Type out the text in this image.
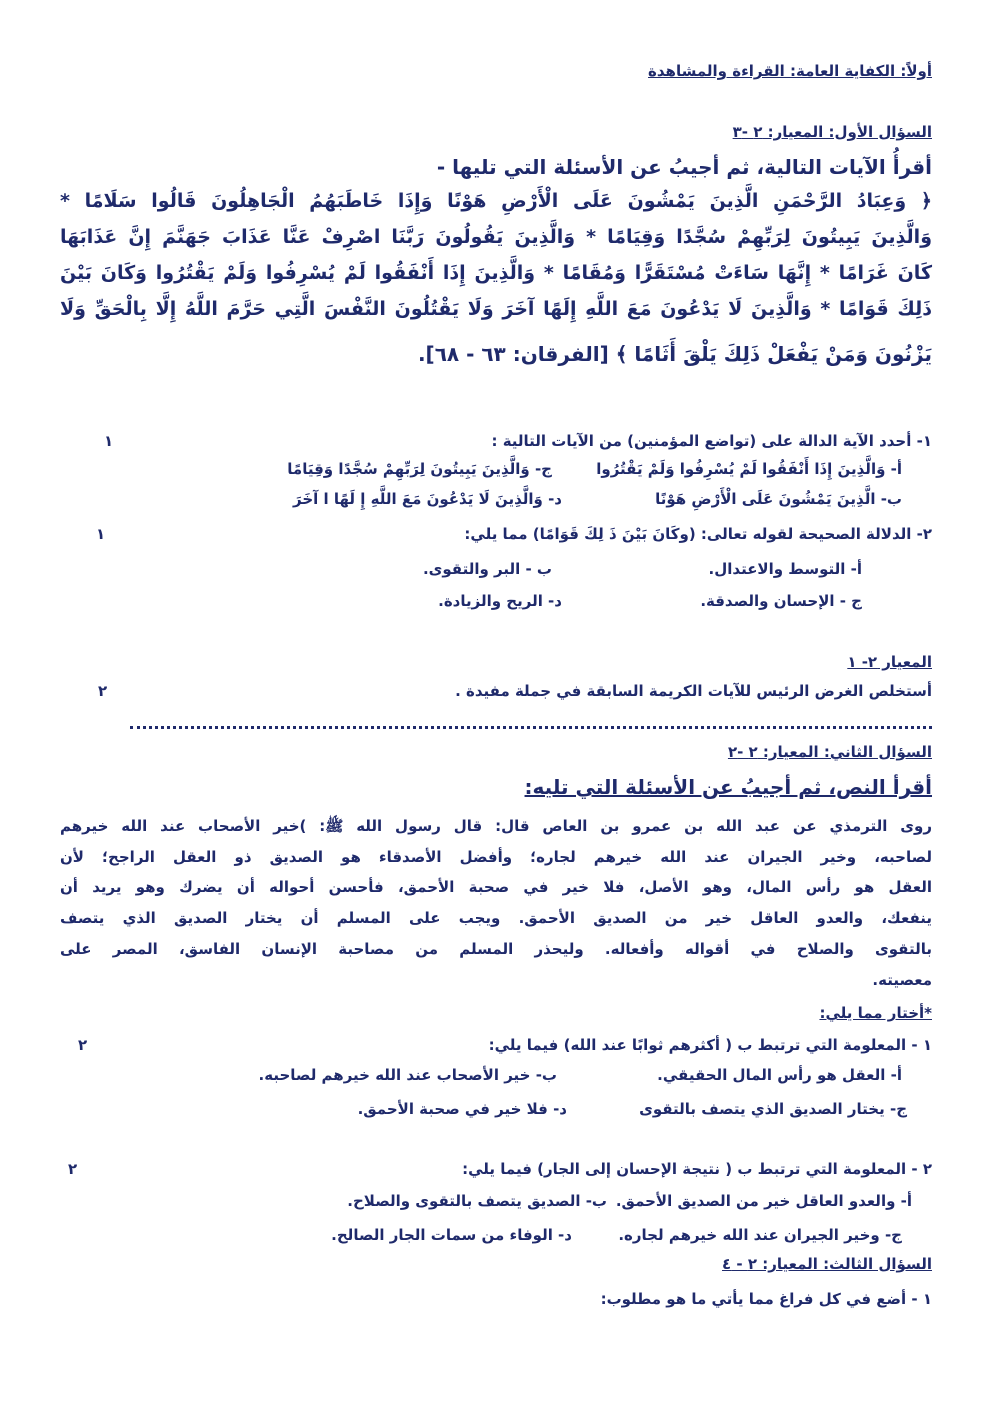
أولاً: الكفاية العامة: القراءة والمشاهدة
السؤال الأول: المعيار: ٢ -٣
أقرأُ الآيات التالية، ثم أجيبُ عن الأسئلة التي تليها -
﴿ وَعِبَادُ الرَّحْمَنِ الَّذِينَ يَمْشُونَ عَلَى الْأَرْضِ هَوْنًا وَإِذَا خَاطَبَهُمُ الْجَاهِلُونَ قَالُوا سَلَامًا *
وَالَّذِينَ يَبِيتُونَ لِرَبِّهِمْ سُجَّدًا وَقِيَامًا * وَالَّذِينَ يَقُولُونَ رَبَّنَا اصْرِفْ عَنَّا عَذَابَ جَهَنَّمَ إِنَّ عَذَابَهَا
كَانَ غَرَامًا * إِنَّهَا سَاءَتْ مُسْتَقَرًّا وَمُقَامًا * وَالَّذِينَ إِذَا أَنْفَقُوا لَمْ يُسْرِفُوا وَلَمْ يَقْتُرُوا وَكَانَ بَيْنَ
ذَلِكَ قَوَامًا * وَالَّذِينَ لَا يَدْعُونَ مَعَ اللَّهِ إِلَهًا آخَرَ وَلَا يَقْتُلُونَ النَّفْسَ الَّتِي حَرَّمَ اللَّهُ إِلَّا بِالْحَقِّ وَلَا
يَزْنُونَ وَمَنْ يَفْعَلْ ذَلِكَ يَلْقَ أَثَامًا ﴾ [الفرقان: ٦٣ - ٦٨].
١- أحدد الآية الدالة على (تواضع المؤمنين) من الآيات التالية :
١
أ- وَالَّذِينَ إِذَا أَنْفَقُوا لَمْ يُسْرِفُوا وَلَمْ يَقْتُرُوا
ج- وَالَّذِينَ يَبِيتُونَ لِرَبِّهِمْ سُجَّدًا وَقِيَامًا
ب- الَّذِينَ يَمْشُونَ عَلَى الْأَرْضِ هَوْنًا
د- وَالَّذِينَ لَا يَدْعُونَ مَعَ اللَّهِ إِ لَهًا ا آخَرَ
٢- الدلالة الصحيحة لقوله تعالى: (وكَانَ بَيْنَ ذَ لِكَ قَوَامًا) مما يلي:
١
أ- التوسط والاعتدال.
ب - البر والتقوى.
ج - الإحسان والصدقة.
د- الريح والزيادة.
المعيار ٢- ١
أستخلص الغرض الرئيس للآيات الكريمة السابقة في جملة مفيدة .
٢
السؤال الثاني: المعيار: ٢ -٢
أقرأ النص، ثم أجيبُ عن الأسئلة التي تليه:
روى الترمذي عن عبد الله بن عمرو بن العاص قال: قال رسول الله ﷺ: )خير الأصحاب عند الله خيرهم
لصاحبه، وخير الجيران عند الله خيرهم لجاره؛ وأفضل الأصدقاء هو الصديق ذو العقل الراجح؛ لأن
العقل هو رأس المال، وهو الأصل، فلا خير في صحبة الأحمق، فأحسن أحواله أن يضرك وهو يريد أن
ينفعك، والعدو العاقل خير من الصديق الأحمق. ويجب على المسلم أن يختار الصديق الذي يتصف
بالتقوى والصلاح في أقواله وأفعاله. وليحذر المسلم من مصاحبة الإنسان الفاسق، المصر على
معصيته.
*أختار مما يلي:
١ - المعلومة التي ترتبط ب ( أكثرهم ثوابًا عند الله) فيما يلي:
٢
أ- العقل هو رأس المال الحقيقي.
ب- خير الأصحاب عند الله خيرهم لصاحبه.
ج- يختار الصديق الذي يتصف بالتقوى
د- فلا خير في صحبة الأحمق.
٢ - المعلومة التي ترتبط ب ( نتيجة الإحسان إلى الجار) فيما يلي:
٢
أ- والعدو العاقل خير من الصديق الأحمق.
ب- الصديق يتصف بالتقوى والصلاح.
ج- وخير الجيران عند الله خيرهم لجاره.
د- الوفاء من سمات الجار الصالح.
السؤال الثالث: المعيار: ٢ - ٤
١ - أضع في كل فراغ مما يأتي ما هو مطلوب:
